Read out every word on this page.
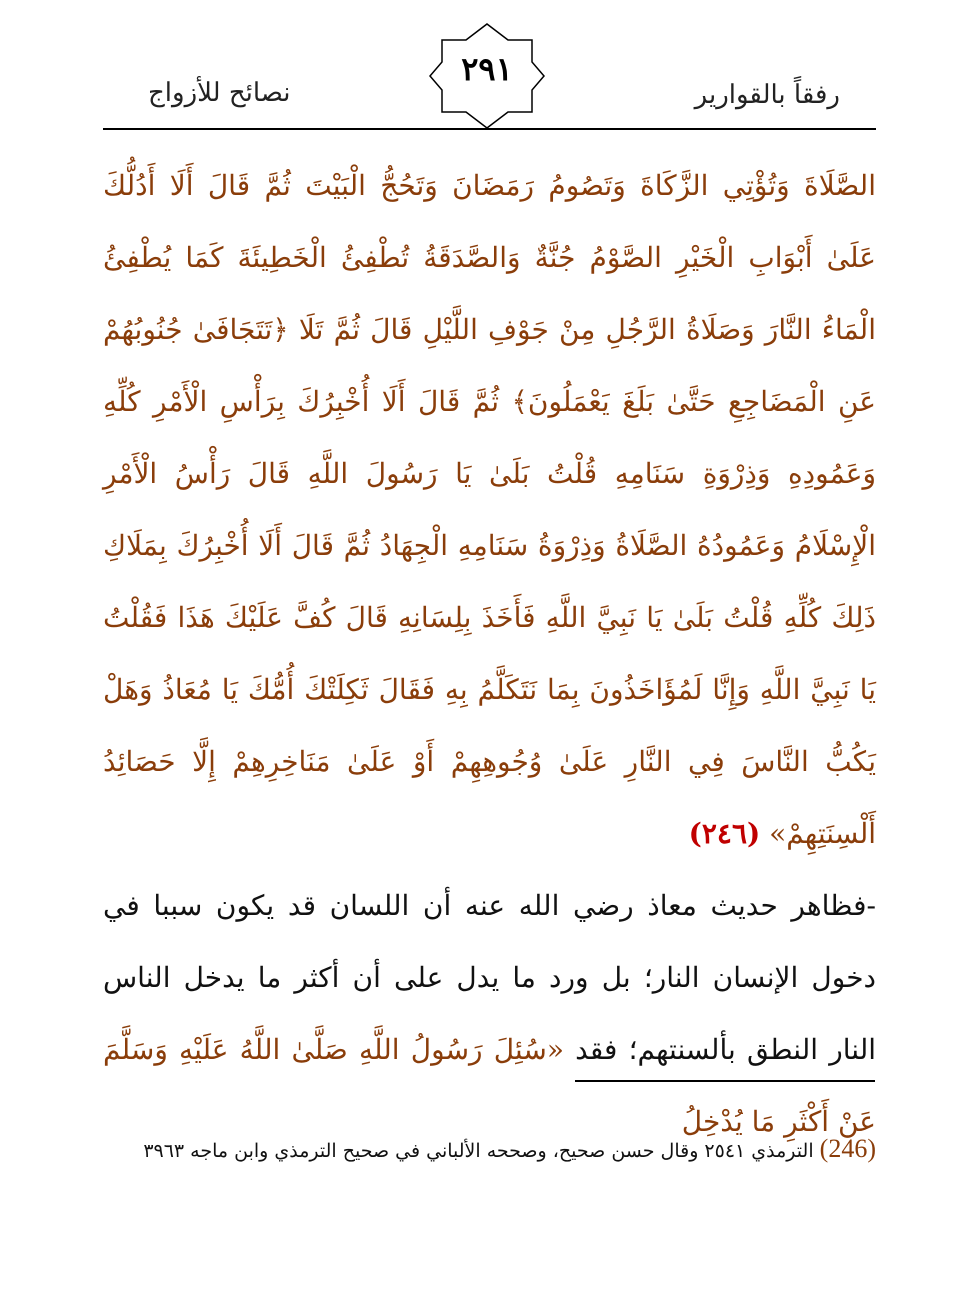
نصائح للأزواج
٢٩١
رفقاً بالقوارير
الصَّلَاةَ وَتُؤْتِي الزَّكَاةَ وَتَصُومُ رَمَضَانَ وَتَحُجُّ الْبَيْتَ ثُمَّ قَالَ أَلَا أَدُلُّكَ عَلَىٰ أَبْوَابِ الْخَيْرِ الصَّوْمُ جُنَّةٌ وَالصَّدَقَةُ تُطْفِئُ الْخَطِيئَةَ كَمَا يُطْفِئُ الْمَاءُ النَّارَ وَصَلَاةُ الرَّجُلِ مِنْ جَوْفِ اللَّيْلِ قَالَ ثُمَّ تَلَا ﴿تَتَجَافَىٰ جُنُوبُهُمْ عَنِ الْمَضَاجِعِ حَتَّىٰ بَلَغَ يَعْمَلُونَ﴾ ثُمَّ قَالَ أَلَا أُخْبِرُكَ بِرَأْسِ الْأَمْرِ كُلِّهِ وَعَمُودِهِ وَذِرْوَةِ سَنَامِهِ قُلْتُ بَلَىٰ يَا رَسُولَ اللَّهِ قَالَ رَأْسُ الْأَمْرِ الْإِسْلَامُ وَعَمُودُهُ الصَّلَاةُ وَذِرْوَةُ سَنَامِهِ الْجِهَادُ ثُمَّ قَالَ أَلَا أُخْبِرُكَ بِمَلَاكِ ذَلِكَ كُلِّهِ قُلْتُ بَلَىٰ يَا نَبِيَّ اللَّهِ فَأَخَذَ بِلِسَانِهِ قَالَ كُفَّ عَلَيْكَ هَذَا فَقُلْتُ يَا نَبِيَّ اللَّهِ وَإِنَّا لَمُؤَاخَذُونَ بِمَا نَتَكَلَّمُ بِهِ فَقَالَ ثَكِلَتْكَ أُمُّكَ يَا مُعَاذُ وَهَلْ يَكُبُّ النَّاسَ فِي النَّارِ عَلَىٰ وُجُوهِهِمْ أَوْ عَلَىٰ مَنَاخِرِهِمْ إِلَّا حَصَائِدُ أَلْسِنَتِهِمْ» (٢٤٦)
-فظاهر حديث معاذ رضي الله عنه أن اللسان قد يكون سببا في دخول الإنسان النار؛ بل ورد ما يدل على أن أكثر ما يدخل الناس النار النطق بألسنتهم؛ فقد «سُئِلَ رَسُولُ اللَّهِ صَلَّىٰ اللَّهُ عَلَيْهِ وَسَلَّمَ عَنْ أَكْثَرِ مَا يُدْخِلُ
(246) الترمذي ٢٥٤١ وقال حسن صحيح، وصححه الألباني في صحيح الترمذي وابن ماجه ٣٩٦٣
